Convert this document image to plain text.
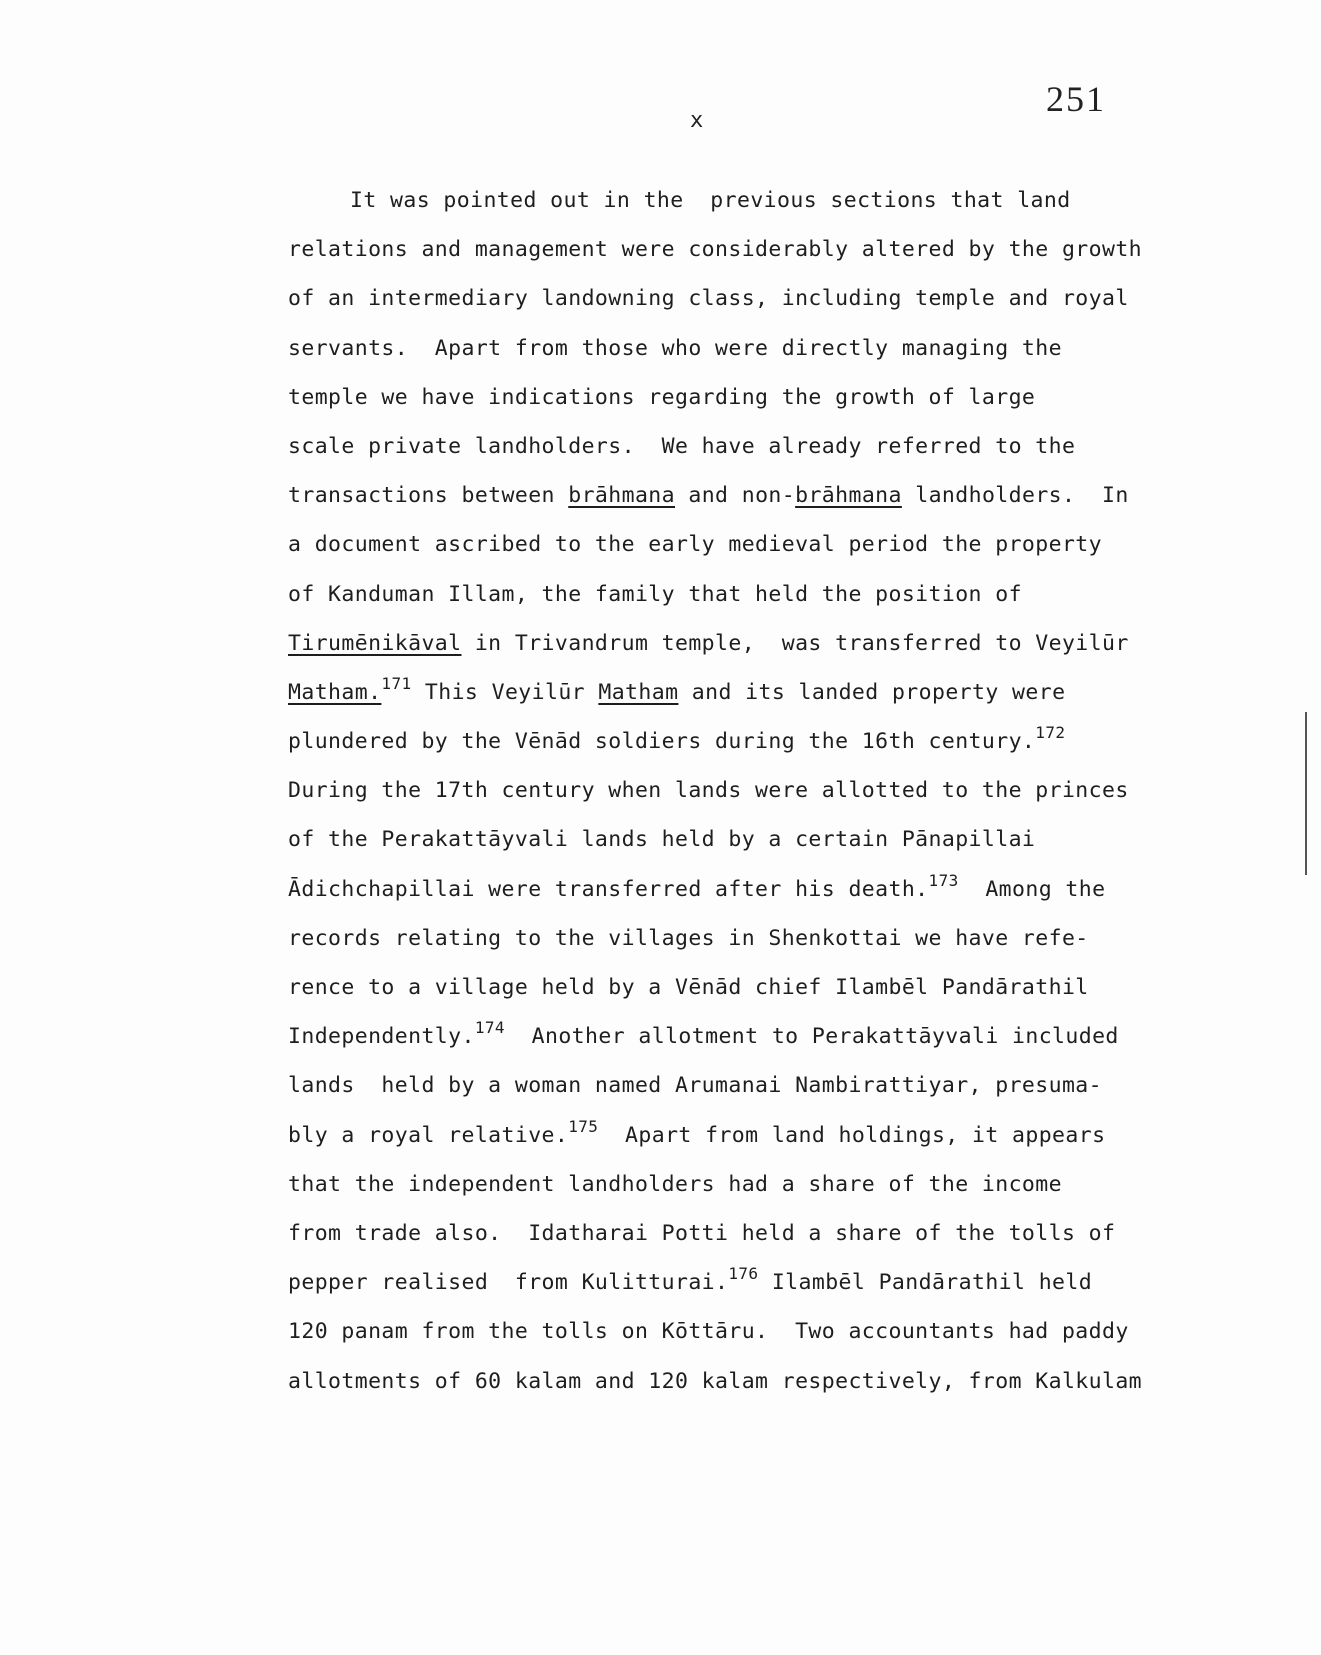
251
x
It was pointed out in the  previous sections that land
relations and management were considerably altered by the growth
of an intermediary landowning class, including temple and royal
servants.  Apart from those who were directly managing the
temple we have indications regarding the growth of large
scale private landholders.  We have already referred to the
transactions between brāhmana and non-brāhmana landholders.  In
a document ascribed to the early medieval period the property
of Kanduman Illam, the family that held the position of
Tirumēnikāval in Trivandrum temple,  was transferred to Veyilūr
Matham.$^{171}$ This Veyilūr Matham and its landed property were
plundered by the Vēnād soldiers during the 16th century.$^{172}$
During the 17th century when lands were allotted to the princes
of the Perakattāyvali lands held by a certain Pānapillai
Ādichchapillai were transferred after his death.$^{173}$  Among the
records relating to the villages in Shenkottai we have refe-
rence to a village held by a Vēnād chief Ilambēl Pandārathil
Independently.$^{174}$  Another allotment to Perakattāyvali included
lands  held by a woman named Arumanai Nambirattiyar, presuma-
bly a royal relative.$^{175}$  Apart from land holdings, it appears
that the independent landholders had a share of the income
from trade also.  Idatharai Potti held a share of the tolls of
pepper realised  from Kulitturai.$^{176}$ Ilambēl Pandārathil held
120 panam from the tolls on Kōttāru.  Two accountants had paddy
allotments of 60 kalam and 120 kalam respectively, from Kalkulam
